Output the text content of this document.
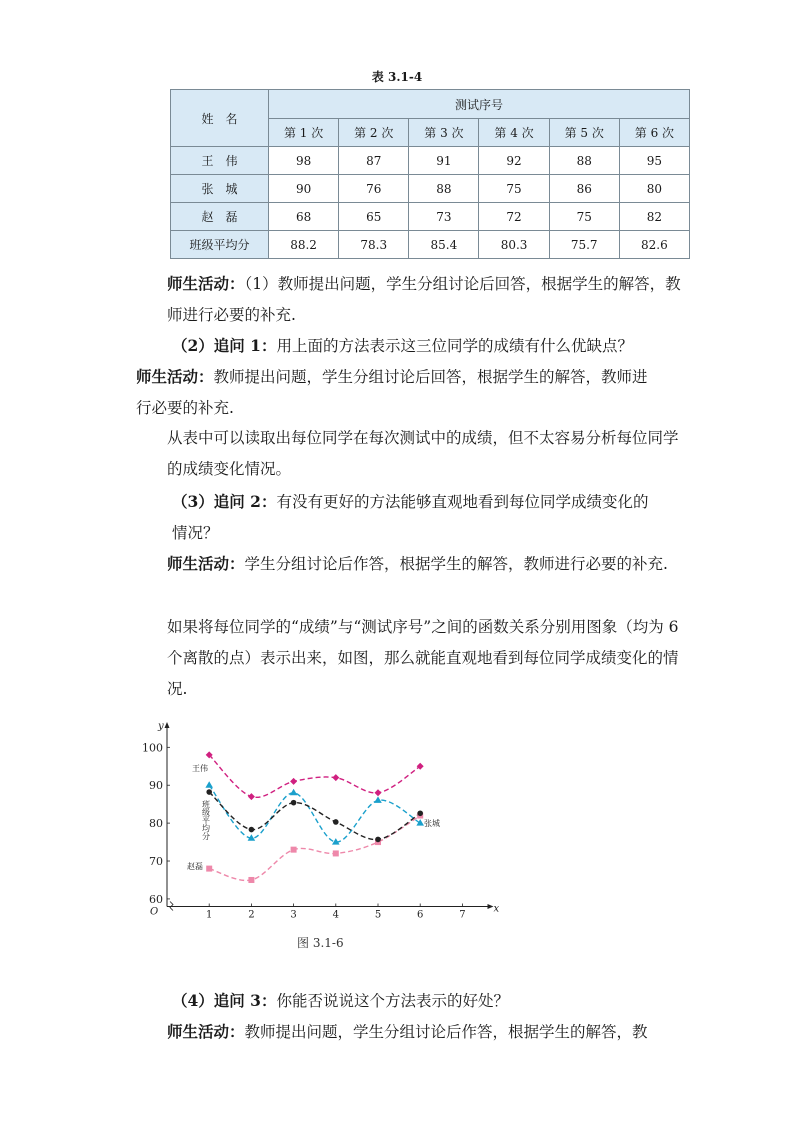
表 3.1-4
姓　名	测试序号					
	第 1 次	第 2 次	第 3 次	第 4 次	第 5 次	第 6 次
王　伟	98	87	91	92	88	95
张　城	90	76	88	75	86	80
赵　磊	68	65	73	72	75	82
班级平均分	88.2	78.3	85.4	80.3	75.7	82.6

师生活动：（1）教师提出问题，学生分组讨论后回答，根据学生的解答，教师进行必要的补充.

（2）追问 1：用上面的方法表示这三位同学的成绩有什么优缺点？

师生活动：教师提出问题，学生分组讨论后回答，根据学生的解答，教师进行必要的补充.

从表中可以读取出每位同学在每次测试中的成绩，但不太容易分析每位同学的成绩变化情况。

（3）追问 2：有没有更好的方法能够直观地看到每位同学成绩变化的情况？

师生活动：学生分组讨论后作答，根据学生的解答，教师进行必要的补充.

如果将每位同学的“成绩”与“测试序号”之间的函数关系分别用图象（均为 6 个离散的点）表示出来，如图，那么就能直观地看到每位同学成绩变化的情况.

x
y
O	1	2	3	4	5	6	7
60
70
80
90
100
王伟
张城
赵磊
班级平均分
图 3.1-6

（4）追问 3：你能否说说这个方法表示的好处？

师生活动：教师提出问题，学生分组讨论后作答，根据学生的解答，教
